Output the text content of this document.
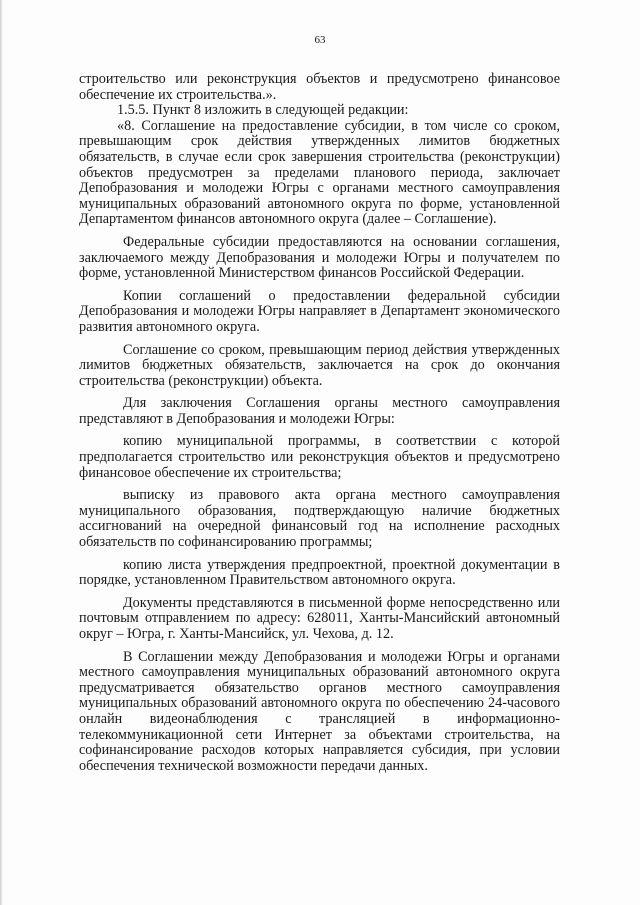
63

строительство или реконструкция объектов и предусмотрено финансовое обеспечение их строительства.».

1.5.5. Пункт 8 изложить в следующей редакции:

«8. Соглашение на предоставление субсидии, в том числе со сроком, превышающим срок действия утвержденных лимитов бюджетных обязательств, в случае если срок завершения строительства (реконструкции) объектов предусмотрен за пределами планового периода, заключает Депобразования и молодежи Югры с органами местного самоуправления муниципальных образований автономного округа по форме, установленной Департаментом финансов автономного округа (далее – Соглашение).

Федеральные субсидии предоставляются на основании соглашения, заключаемого между Депобразования и молодежи Югры и получателем по форме, установленной Министерством финансов Российской Федерации.

Копии соглашений о предоставлении федеральной субсидии Депобразования и молодежи Югры направляет в Департамент экономического развития автономного округа.

Соглашение со сроком, превышающим период действия утвержденных лимитов бюджетных обязательств, заключается на срок до окончания строительства (реконструкции) объекта.

Для заключения Соглашения органы местного самоуправления представляют в Депобразования и молодежи Югры:

копию муниципальной программы, в соответствии с которой предполагается строительство или реконструкция объектов и предусмотрено финансовое обеспечение их строительства;

выписку из правового акта органа местного самоуправления муниципального образования, подтверждающую наличие бюджетных ассигнований на очередной финансовый год на исполнение расходных обязательств по софинансированию программы;

копию листа утверждения предпроектной, проектной документации в порядке, установленном Правительством автономного округа.

Документы представляются в письменной форме непосредственно или почтовым отправлением по адресу: 628011, Ханты-Мансийский автономный округ – Югра, г. Ханты-Мансийск, ул. Чехова, д. 12.

В Соглашении между Депобразования и молодежи Югры и органами местного самоуправления муниципальных образований автономного округа предусматривается обязательство органов местного самоуправления муниципальных образований автономного округа по обеспечению 24-часового онлайн видеонаблюдения с трансляцией в информационно-телекоммуникационной сети Интернет за объектами строительства, на софинансирование расходов которых направляется субсидия, при условии обеспечения технической возможности передачи данных.
